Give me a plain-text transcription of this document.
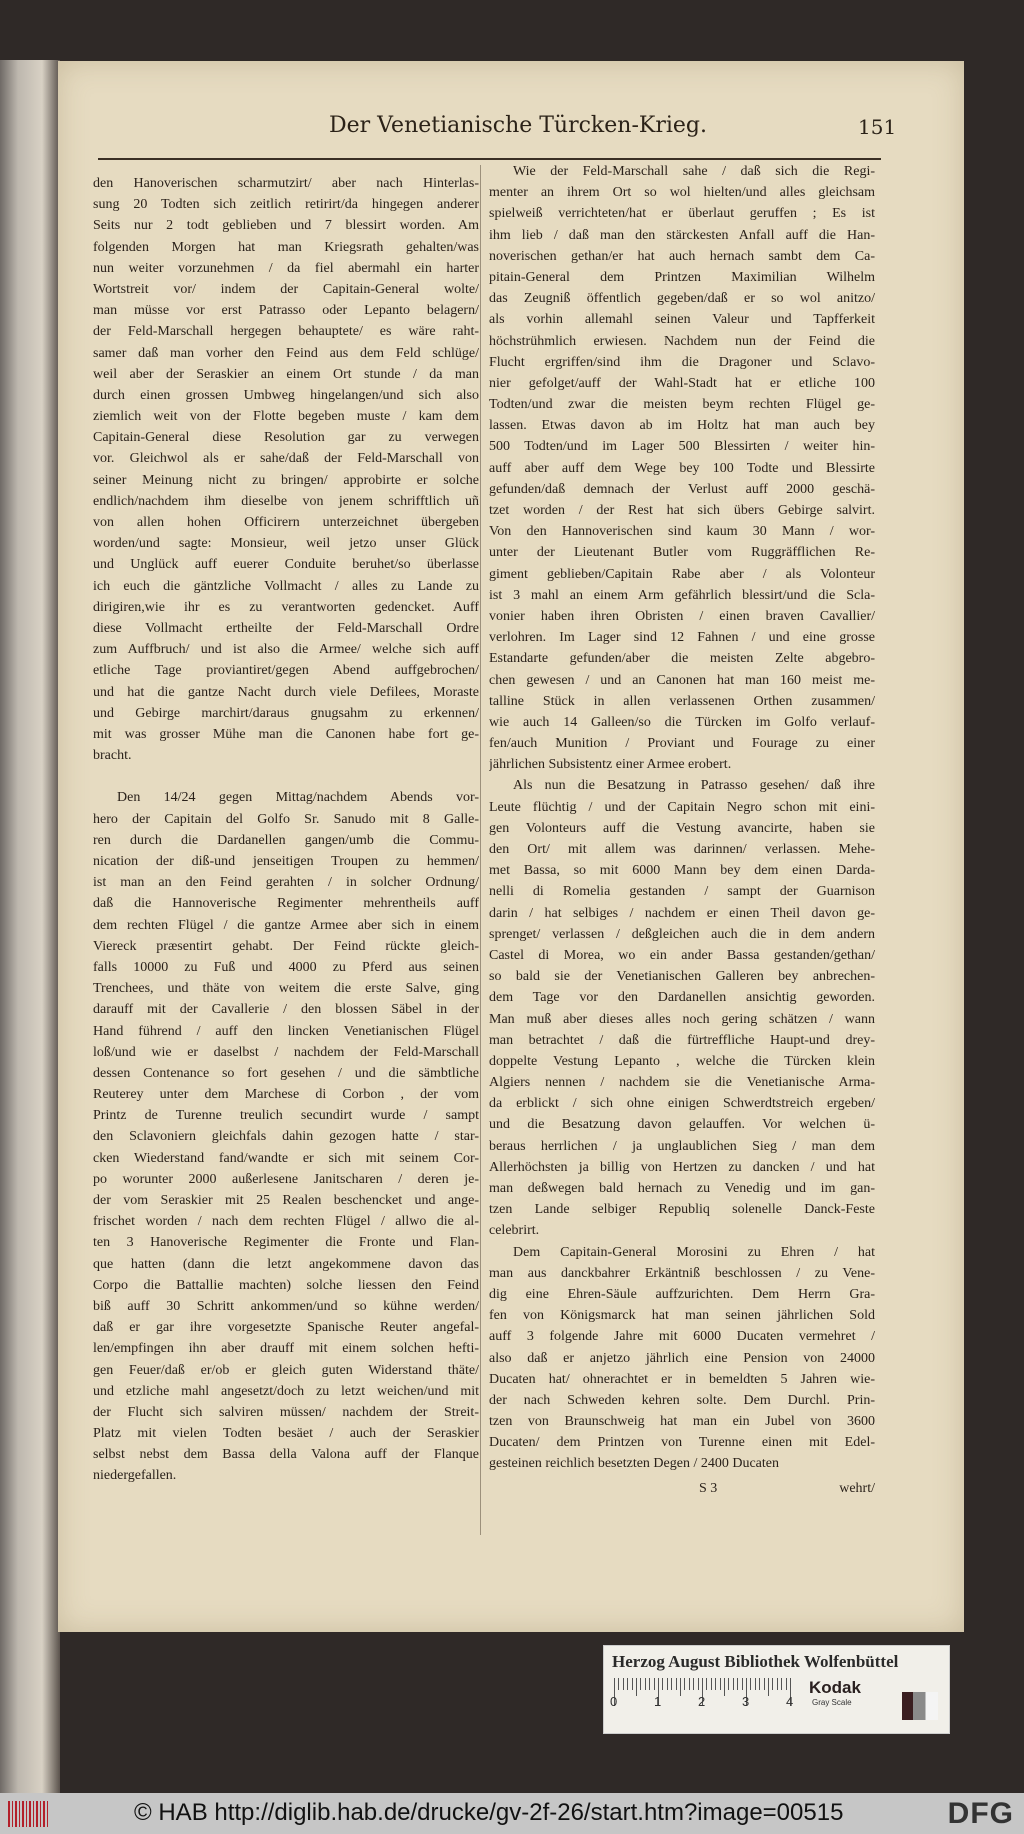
Der Venetianische Türcken-Krieg.	151
den Hanoverischen scharmutzirt/ aber nach Hinterlas-
sung 20 Todten sich zeitlich retirirt/da hingegen anderer
Seits nur 2 todt geblieben und 7 blessirt worden. Am
folgenden Morgen hat man Kriegsrath gehalten/was
nun weiter vorzunehmen / da fiel abermahl ein harter
Wortstreit vor/ indem der Capitain-General wolte/
man müsse vor erst Patrasso oder Lepanto belagern/
der Feld-Marschall hergegen behauptete/ es wäre raht-
samer daß man vorher den Feind aus dem Feld schlüge/
weil aber der Seraskier an einem Ort stunde / da man
durch einen grossen Umbweg hingelangen/und sich also
ziemlich weit von der Flotte begeben muste / kam dem
Capitain-General diese Resolution gar zu verwegen
vor. Gleichwol als er sahe/daß der Feld-Marschall von
seiner Meinung nicht zu bringen/ approbirte er solche
endlich/nachdem ihm dieselbe von jenem schrifftlich uñ
von allen hohen Officirern unterzeichnet übergeben
worden/und sagte: Monsieur, weil jetzo unser Glück
und Unglück auff euerer Conduite beruhet/so überlasse
ich euch die gäntzliche Vollmacht / alles zu Lande zu
dirigiren,wie ihr es zu verantworten gedencket. Auff
diese Vollmacht ertheilte der Feld-Marschall Ordre
zum Auffbruch/ und ist also die Armee/ welche sich auff
etliche Tage proviantiret/gegen Abend auffgebrochen/
und hat die gantze Nacht durch viele Defilees, Moraste
und Gebirge marchirt/daraus gnugsahm zu erkennen/
mit was grosser Mühe man die Canonen habe fort ge-
bracht.
Den 14/24 gegen Mittag/nachdem Abends vor-
hero der Capitain del Golfo Sr. Sanudo mit 8 Galle-
ren durch die Dardanellen gangen/umb die Commu-
nication der diß-und jenseitigen Troupen zu hemmen/
ist man an den Feind gerahten / in solcher Ordnung/
daß die Hannoverische Regimenter mehrentheils auff
dem rechten Flügel / die gantze Armee aber sich in einem
Viereck præsentirt gehabt. Der Feind rückte gleich-
falls 10000 zu Fuß und 4000 zu Pferd aus seinen
Trenchees, und thäte von weitem die erste Salve, ging
darauff mit der Cavallerie / den blossen Säbel in der
Hand führend / auff den lincken Venetianischen Flügel
loß/und wie er daselbst / nachdem der Feld-Marschall
dessen Contenance so fort gesehen / und die sämbtliche
Reuterey unter dem Marchese di Corbon , der vom
Printz de Turenne treulich secundirt wurde / sampt
den Sclavoniern gleichfals dahin gezogen hatte / star-
cken Wiederstand fand/wandte er sich mit seinem Cor-
po worunter 2000 außerlesene Janitscharen / deren je-
der vom Seraskier mit 25 Realen beschencket und ange-
frischet worden / nach dem rechten Flügel / allwo die al-
ten 3 Hanoverische Regimenter die Fronte und Flan-
que hatten (dann die letzt angekommene davon das
Corpo die Battallie machten) solche liessen den Feind
biß auff 30 Schritt ankommen/und so kühne werden/
daß er gar ihre vorgesetzte Spanische Reuter angefal-
len/empfingen ihn aber drauff mit einem solchen hefti-
gen Feuer/daß er/ob er gleich guten Widerstand thäte/
und etzliche mahl angesetzt/doch zu letzt weichen/und mit
der Flucht sich salviren müssen/ nachdem der Streit-
Platz mit vielen Todten besäet / auch der Seraskier
selbst nebst dem Bassa della Valona auff der Flanque
niedergefallen.
Wie der Feld-Marschall sahe / daß sich die Regi-
menter an ihrem Ort so wol hielten/und alles gleichsam
spielweiß verrichteten/hat er überlaut geruffen ; Es ist
ihm lieb / daß man den stärckesten Anfall auff die Han-
noverischen gethan/er hat auch hernach sambt dem Ca-
pitain-General dem Printzen Maximilian Wilhelm
das Zeugniß öffentlich gegeben/daß er so wol anitzo/
als vorhin allemahl seinen Valeur und Tapfferkeit
höchstrühmlich erwiesen. Nachdem nun der Feind die
Flucht ergriffen/sind ihm die Dragoner und Sclavo-
nier gefolget/auff der Wahl-Stadt hat er etliche 100
Todten/und zwar die meisten beym rechten Flügel ge-
lassen. Etwas davon ab im Holtz hat man auch bey
500 Todten/und im Lager 500 Blessirten / weiter hin-
auff aber auff dem Wege bey 100 Todte und Blessirte
gefunden/daß demnach der Verlust auff 2000 geschä-
tzet worden / der Rest hat sich übers Gebirge salvirt.
Von den Hannoverischen sind kaum 30 Mann / wor-
unter der Lieutenant Butler vom Ruggräfflichen Re-
giment geblieben/Capitain Rabe aber / als Volonteur
ist 3 mahl an einem Arm gefährlich blessirt/und die Scla-
vonier haben ihren Obristen / einen braven Cavallier/
verlohren. Im Lager sind 12 Fahnen / und eine grosse
Estandarte gefunden/aber die meisten Zelte abgebro-
chen gewesen / und an Canonen hat man 160 meist me-
talline Stück in allen verlassenen Orthen zusammen/
wie auch 14 Galleen/so die Türcken im Golfo verlauf-
fen/auch Munition / Proviant und Fourage zu einer
jährlichen Subsistentz einer Armee erobert.
Als nun die Besatzung in Patrasso gesehen/ daß ihre
Leute flüchtig / und der Capitain Negro schon mit eini-
gen Volonteurs auff die Vestung avancirte, haben sie
den Ort/ mit allem was darinnen/ verlassen. Mehe-
met Bassa, so mit 6000 Mann bey dem einen Darda-
nelli di Romelia gestanden / sampt der Guarnison
darin / hat selbiges / nachdem er einen Theil davon ge-
sprenget/ verlassen / deßgleichen auch die in dem andern
Castel di Morea, wo ein ander Bassa gestanden/gethan/
so bald sie der Venetianischen Galleren bey anbrechen-
dem Tage vor den Dardanellen ansichtig geworden.
Man muß aber dieses alles noch gering schätzen / wann
man betrachtet / daß die fürtreffliche Haupt-und drey-
doppelte Vestung Lepanto , welche die Türcken klein
Algiers nennen / nachdem sie die Venetianische Arma-
da erblickt / sich ohne einigen Schwerdtstreich ergeben/
und die Besatzung davon gelauffen. Vor welchen ü-
beraus herrlichen / ja unglaublichen Sieg / man dem
Allerhöchsten ja billig von Hertzen zu dancken / und hat
man deßwegen bald hernach zu Venedig und im gan-
tzen Lande selbiger Republiq solenelle Danck-Feste
celebrirt.
Dem Capitain-General Morosini zu Ehren / hat
man aus danckbahrer Erkäntniß beschlossen / zu Vene-
dig eine Ehren-Säule auffzurichten. Dem Herrn Gra-
fen von Königsmarck hat man seinen jährlichen Sold
auff 3 folgende Jahre mit 6000 Ducaten vermehret /
also daß er anjetzo jährlich eine Pension von 24000
Ducaten hat/ ohnerachtet er in bemeldten 5 Jahren wie-
der nach Schweden kehren solte. Dem Durchl. Prin-
tzen von Braunschweig hat man ein Jubel von 3600
Ducaten/ dem Printzen von Turenne einen mit Edel-
gesteinen reichlich besetzten Degen / 2400 Ducaten
S 3	wehrt/
Herzog August Bibliothek Wolfenbüttel
Kodak
Gray Scale
0	1	2	3	4
© HAB http://diglib.hab.de/drucke/gv-2f-26/start.htm?image=00515	DFG
